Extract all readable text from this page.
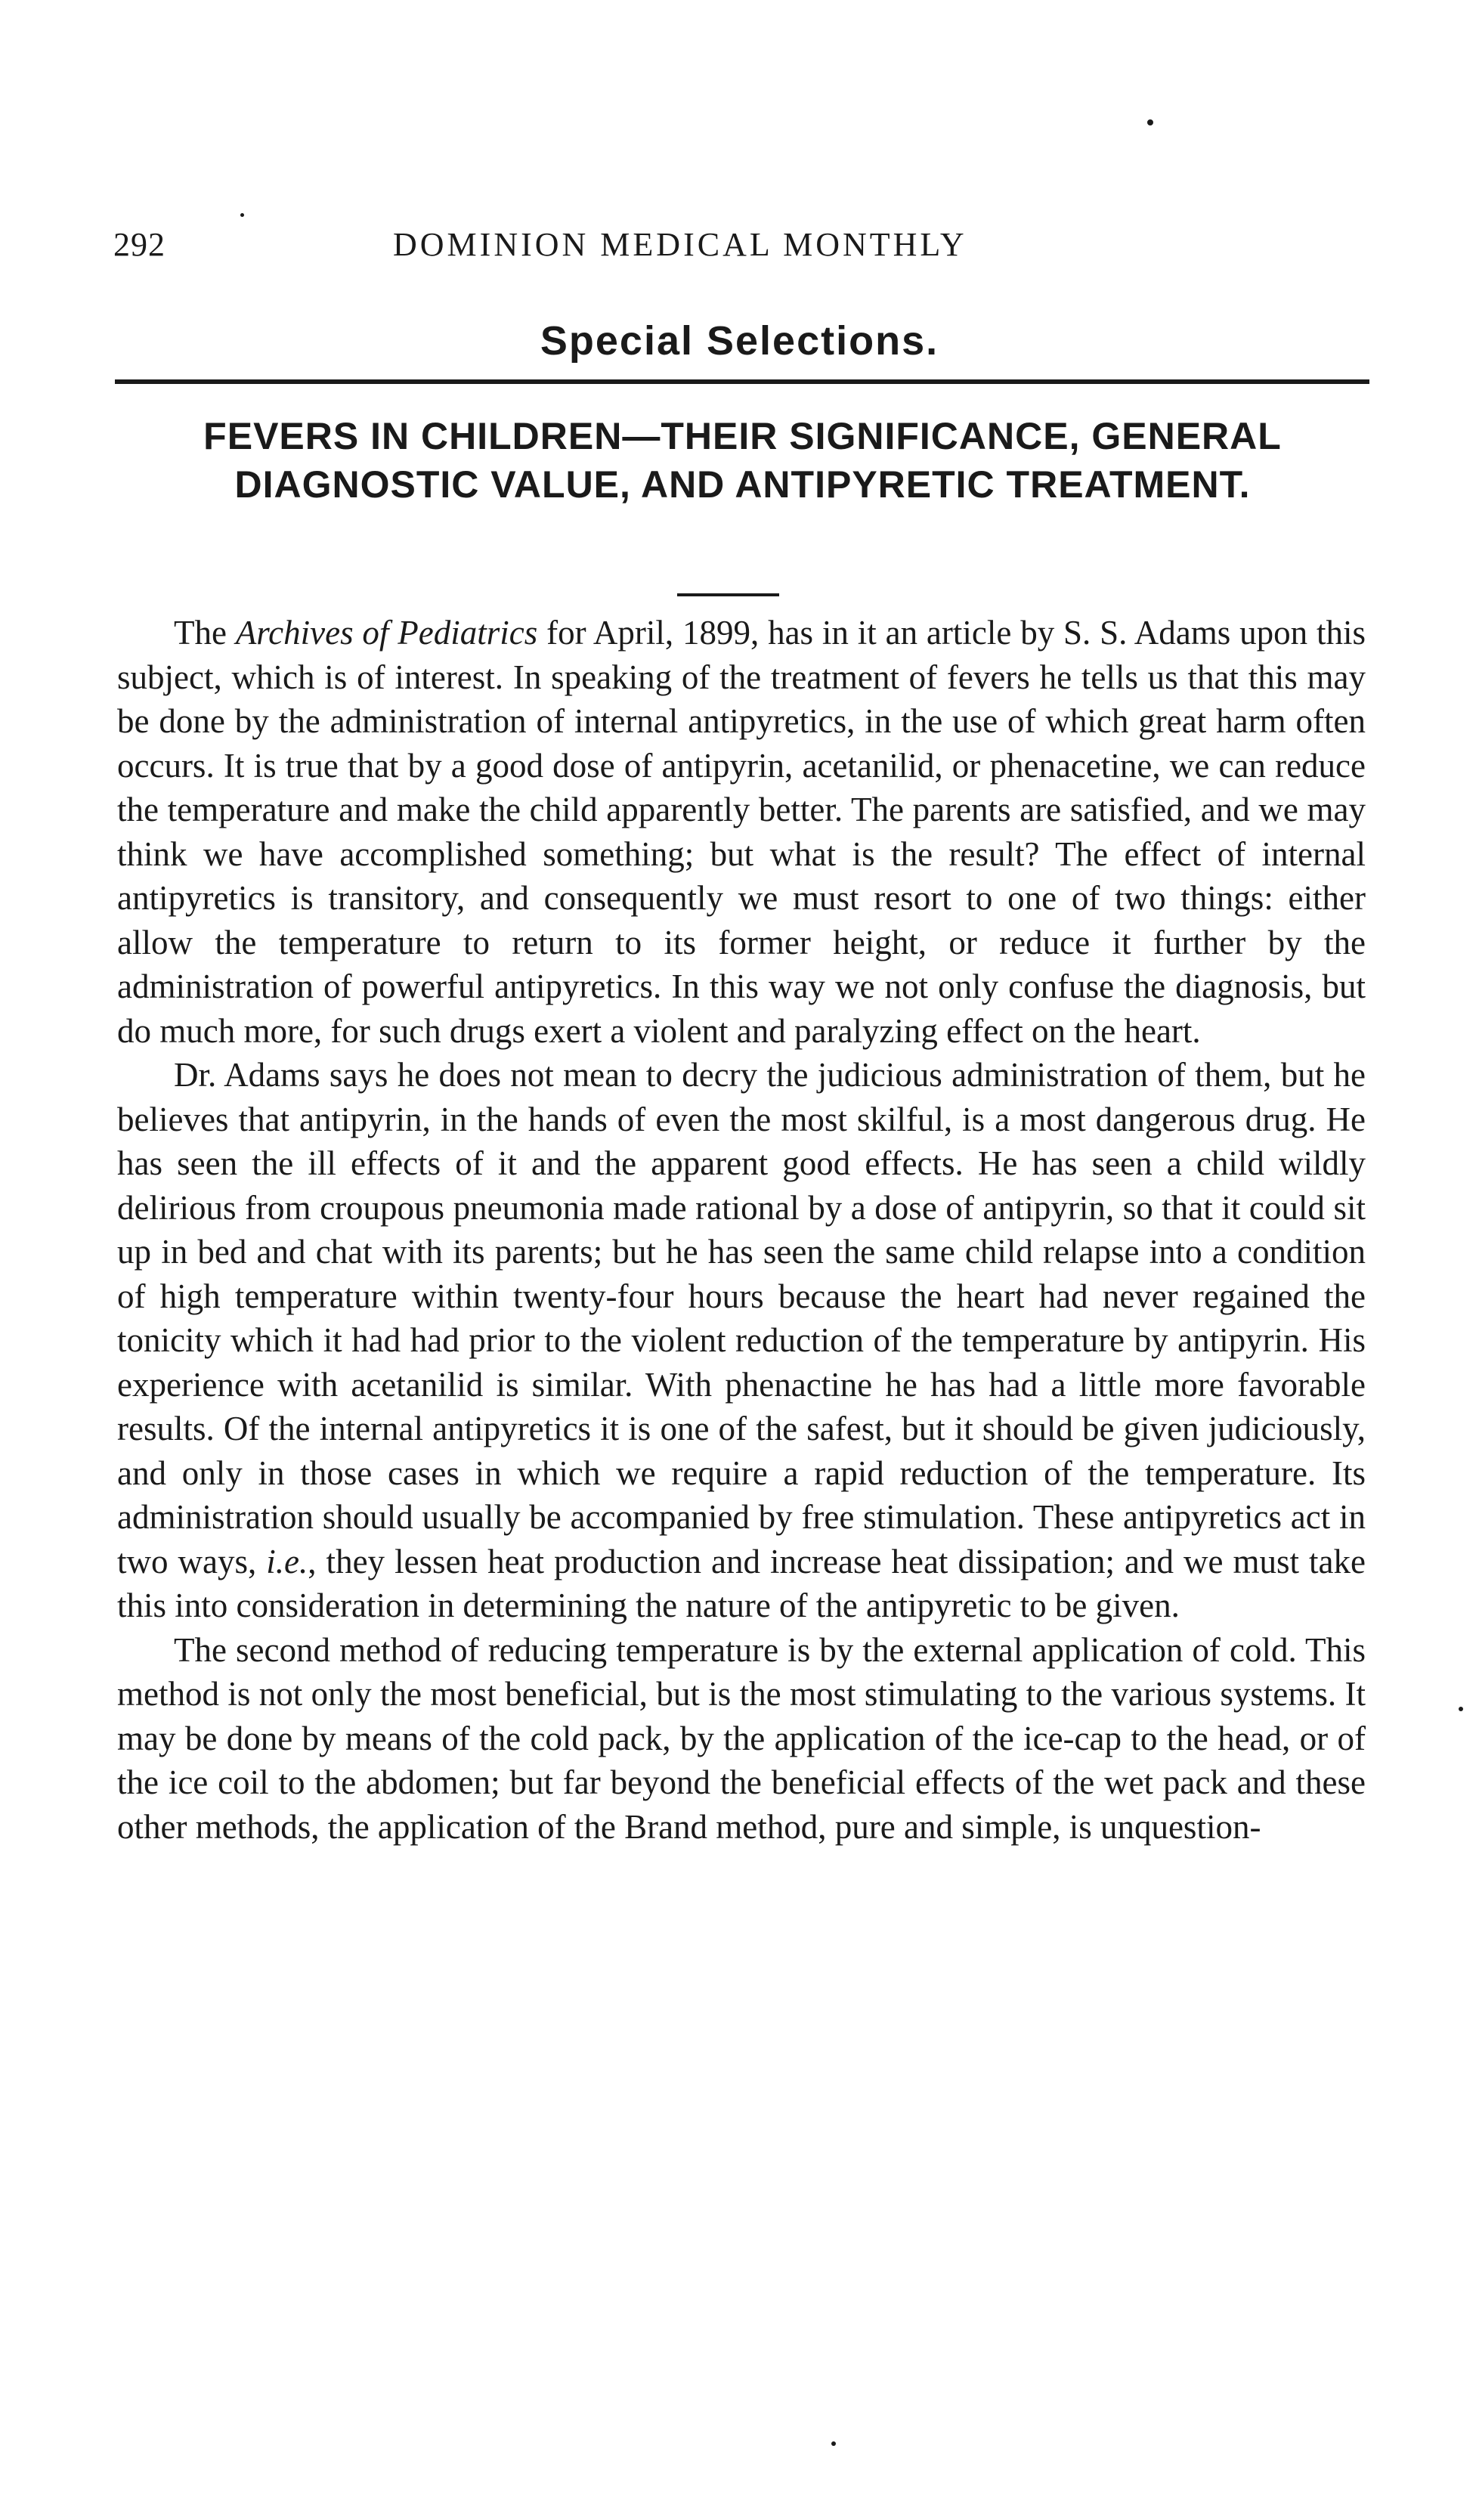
292	DOMINION MEDICAL MONTHLY
Special Selections.
FEVERS IN CHILDREN—THEIR SIGNIFICANCE, GENERAL DIAGNOSTIC VALUE, AND ANTIPYRETIC TREATMENT.

The Archives of Pediatrics for April, 1899, has in it an article by S. S. Adams upon this subject, which is of interest. In speaking of the treatment of fevers he tells us that this may be done by the administration of internal antipyretics, in the use of which great harm often occurs. It is true that by a good dose of antipyrin, acetanilid, or phenacetine, we can reduce the temperature and make the child apparently better. The parents are satisfied, and we may think we have accomplished something; but what is the result? The effect of internal antipyretics is transitory, and consequently we must resort to one of two things: either allow the temperature to return to its former height, or reduce it further by the administration of powerful antipyretics. In this way we not only confuse the diagnosis, but do much more, for such drugs exert a violent and paralyzing effect on the heart.

Dr. Adams says he does not mean to decry the judicious administration of them, but he believes that antipyrin, in the hands of even the most skilful, is a most dangerous drug. He has seen the ill effects of it and the apparent good effects. He has seen a child wildly delirious from croupous pneumonia made rational by a dose of antipyrin, so that it could sit up in bed and chat with its parents; but he has seen the same child relapse into a condition of high temperature within twenty-four hours because the heart had never regained the tonicity which it had had prior to the violent reduction of the temperature by antipyrin. His experience with acetanilid is similar. With phenactine he has had a little more favorable results. Of the internal antipyretics it is one of the safest, but it should be given judiciously, and only in those cases in which we require a rapid reduction of the temperature. Its administration should usually be accompanied by free stimulation. These antipyretics act in two ways, i.e., they lessen heat production and increase heat dissipation; and we must take this into consideration in determining the nature of the antipyretic to be given.

The second method of reducing temperature is by the external application of cold. This method is not only the most beneficial, but is the most stimulating to the various systems. It may be done by means of the cold pack, by the application of the ice-cap to the head, or of the ice coil to the abdomen; but far beyond the beneficial effects of the wet pack and these other methods, the application of the Brand method, pure and simple, is unquestion-
